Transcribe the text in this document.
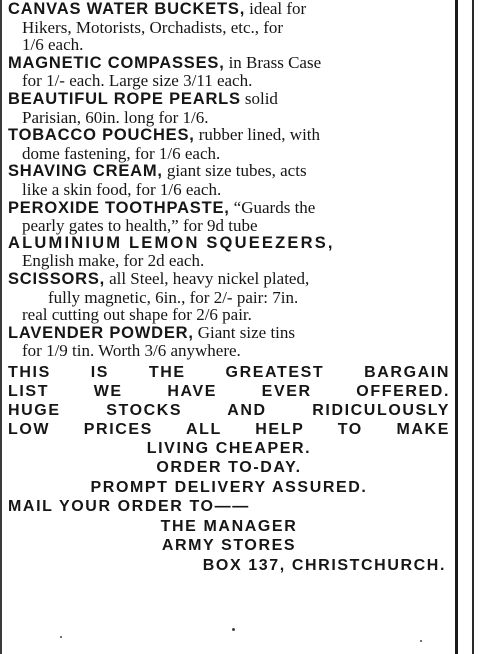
CANVAS WATER BUCKETS, ideal for

Hikers, Motorists, Orchadists, etc., for

1/6 each.

MAGNETIC COMPASSES, in Brass Case

for 1/- each. Large size 3/11 each.

BEAUTIFUL ROPE PEARLS solid

Parisian, 60in. long for 1/6.

TOBACCO POUCHES, rubber lined, with

dome fastening, for 1/6 each.

SHAVING CREAM, giant size tubes, acts

like a skin food, for 1/6 each.

PEROXIDE TOOTHPASTE, “Guards the

pearly gates to health,” for 9d tube

ALUMINIUM LEMON SQUEEZERS,

English make, for 2d each.

SCISSORS, all Steel, heavy nickel plated,

fully magnetic, 6in., for 2/- pair: 7in.

real cutting out shape for 2/6 pair.

LAVENDER POWDER, Giant size tins

for 1/9 tin. Worth 3/6 anywhere.

THIS IS THE GREATEST BARGAIN

LIST WE HAVE EVER OFFERED.

HUGE STOCKS AND RIDICULOUSLY

LOW PRICES ALL HELP TO MAKE

LIVING CHEAPER.

ORDER TO-DAY.

PROMPT DELIVERY ASSURED.

MAIL YOUR ORDER TO——

THE MANAGER

ARMY STORES

BOX 137, CHRISTCHURCH.
